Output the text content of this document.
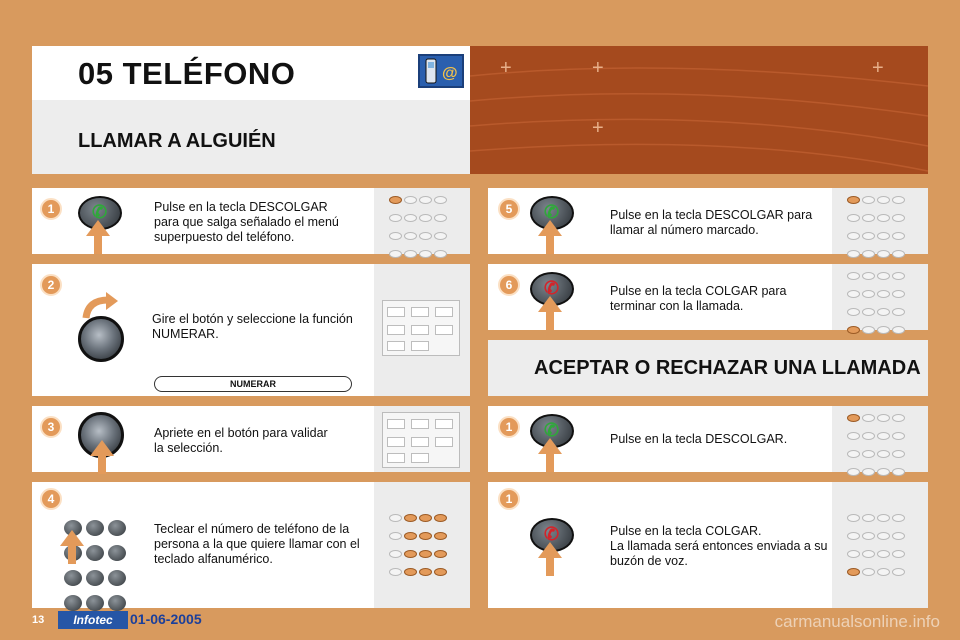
+	+	+
+
05 TELÉFONO	@
LLAMAR A ALGUIÉN

1	✆	Pulse en la tecla DESCOLGAR
para que salga señalado el menú
superpuesto del teléfono.
2
Gire el botón y seleccione la función
NUMERAR.
NUMERAR
3	Apriete en el botón para validar
la selección.

4

Teclear el número de teléfono de la
persona a la que quiere llamar con el
teclado alfanumérico.

5	✆	Pulse en la tecla DESCOLGAR para
llamar al número marcado.

6	✆	Pulse en la tecla COLGAR para
terminar con la llamada.
ACEPTAR O RECHAZAR UNA LLAMADA

1	✆	Pulse en la tecla DESCOLGAR.

1
✆	Pulse en la tecla COLGAR.
La llamada será entonces enviada a su
buzón de voz.
13	Infotec	01-06-2005	carmanualsonline.info
